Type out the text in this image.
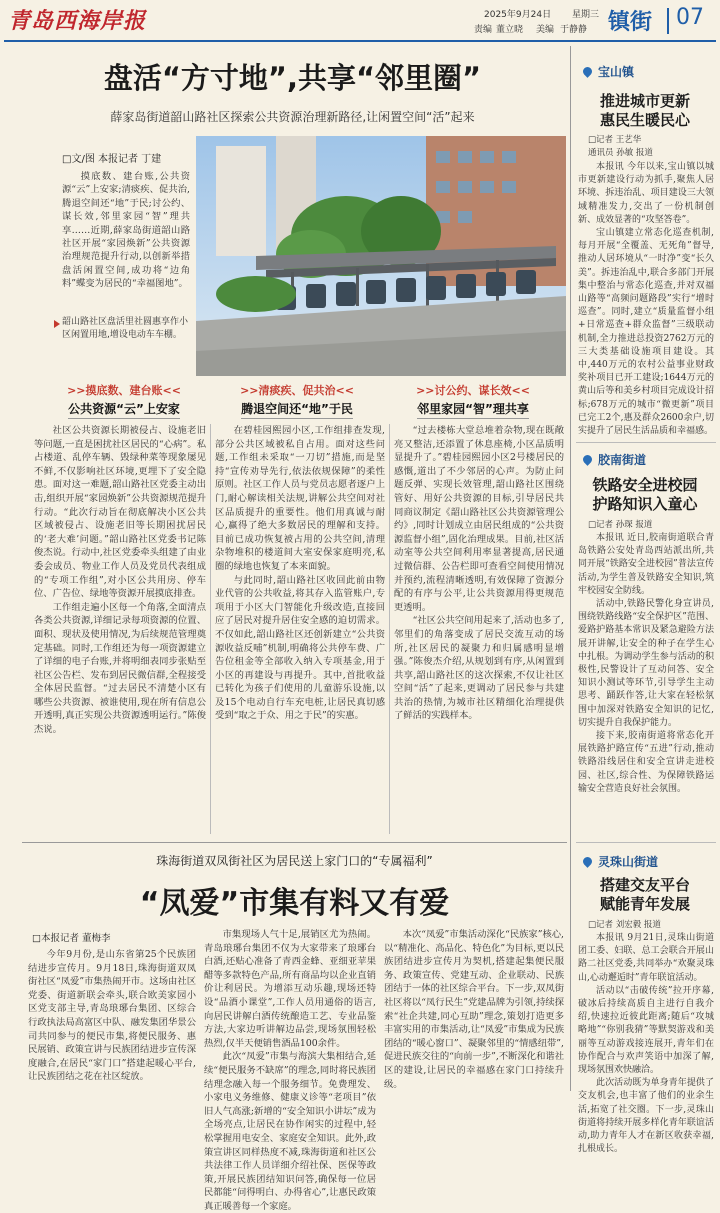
青岛西海岸报	2025年9月24日 星期三
责编 董立晓 美编 于静静 镇街 07
盘活“方寸地”,共享“邻里圈”
薛家岛街道韶山路社区探索公共资源治理新路径,让闲置空间“活”起来
□文/图 本报记者 丁建
摸底数、建台账,公共资源“云”上安家;清痰疾、促共治,腾退空间还“地”于民;讨公约、谋长效,邻里家园“智”理共享……近期,薛家岛街道韶山路社区开展“家园焕新”公共资源治理规范提升行动,以创新举措盘活闲置空间,成功将“边角料”蝶变为居民的“幸福图地”。
韶山路社区盘活里社圆惠享作小区闲置用地,增设电动车车棚。
>>摸底数、建台账<<
公共资源“云”上安家
>>清痰疾、促共治<<
腾退空间还“地”于民
>>讨公约、谋长效<<
邻里家园“智”理共享

社区公共资源长期被侵占、设施老旧等问题,一直是困扰社区居民的“心病”。私占楼道、乱停车辆、毁绿种菜等现象屡见不鲜,不仅影响社区环境,更埋下了安全隐患。面对这一难题,韶山路社区党委主动出击,组织开展“家园焕新”公共资源规范提升行动。“此次行动旨在彻底解决小区公共区域被侵占、设施老旧等长期困扰居民的‘老大难’问题。”韶山路社区党委书记陈俊杰说。行动中,社区党委牵头组建了由业委会成员、物业工作人员及党员代表组成的“专项工作组”,对小区公共用房、停车位、广告位、绿地等资源开展摸底排查。

工作组走遍小区每一个角落,全面清点各类公共资源,详细记录每项资源的位置、面积、现状及使用情况,为后续规范管理奠定基础。同时,工作组还为每一项资源建立了详细的电子台账,并将明细表同步张贴至社区公告栏、发布到居民微信群,全程接受全体居民监督。“过去居民不清楚小区有哪些公共资源、被谁使用,现在所有信息公开透明,真正实现公共资源透明运行。”陈俊杰说。

在碧桂园熙园小区,工作组排查发现,部分公共区域被私自占用。面对这些问题,工作组未采取“一刀切”措施,而是坚持“宣传劝导先行,依法依规保障”的柔性原则。社区工作人员与党员志愿者逐户上门,耐心解读相关法规,讲解公共空间对社区品质提升的重要性。他们用真诚与耐心,赢得了绝大多数居民的理解和支持。目前已成功恢复被占用的公共空间,清理杂物堆积的楼道间大室安保家庭明亮,私圈的绿地也恢复了本来面貌。

与此同时,韶山路社区收回此前由物业代管的公共收益,将其存入监管账户,专项用于小区大门智能化升级改造,直接回应了居民对提升居住安全感的迫切需求。不仅如此,韶山路社区还创新建立“公共资源收益反哺”机制,明确将公共停车费、广告位租金等全部收入纳入专项基金,用于小区的再建设与再提升。其中,首批收益已转化为孩子们使用的儿童游乐设施,以及15个电动自行车充电桩,让居民真切感受到“取之于众、用之于民”的实惠。

“过去楼栋大堂总堆着杂物,现在既敞亮又整洁,还添置了休息座椅,小区品质明显提升了。”碧桂园熙园小区2号楼居民的感慨,道出了不少邻居的心声。为防止问题反弹、实现长效管理,韶山路社区围绕管好、用好公共资源的目标,引导居民共同商议制定《韶山路社区公共资源管理公约》,同时计划成立由居民组成的“公共资源监督小组”,固化治理成果。目前,社区活动室等公共空间利用率显著提高,居民通过微信群、公告栏即可查看空间使用情况并预约,流程清晰透明,有效保障了资源分配的有序与公平,让公共资源用得更规范更透明。

“社区公共空间用起来了,活动也多了,邻里们的角落变成了居民交流互动的场所,社区居民的凝聚力和归属感明显增强。”陈俊杰介绍,从规划到有序,从闲置到共享,韶山路社区的这次探索,不仅让社区空间“活”了起来,更调动了居民参与共建共治的热情,为城市社区精细化治理提供了鲜活的实践样本。

珠海街道双凤街社区为居民送上家门口的“专属福利”
“凤爱”市集有料又有爱
□本报记者 董梅李

今年9月份,是山东省第25个民族团结进步宣传月。9月18日,珠海街道双凤街社区“凤爱”市集热闹开市。这场由社区党委、街道新联会牵头,联合欧美家园小区党支部主导,青岛琅琊台集团、区综合行政执法局高富区中队、融发集团华景公司共同参与的便民市集,将便民服务、惠民展销、政策宣讲与民族团结进步宣传深度融合,在居民“家门口”搭建起暖心平台,让民族团结之花在社区绽放。

市集现场人气十足,展销区尤为热闹。青岛琅琊台集团不仅为大家带来了琅琊台白酒,还贴心准备了青西金蜂、亚细亚苹果醋等多款特色产品,所有商品均以企业直销价让利居民。为增添互动乐趣,现场还特设“品酒小课堂”,工作人员用通俗的语言,向居民讲解白酒传统酿造工艺、专业品鉴方法,大家边听讲解边品尝,现场氛围轻松热烈,仅半天便销售酒品100余件。

此次“凤爱”市集与海滨大集相结合,延续“便民服务不缺席”的理念,同时将民族团结理念融入每一个服务细节。免费理发、小家电义务维修、健康义诊等“老项目”依旧人气高涨;新增的“安全知识小讲坛”成为全场亮点,让居民在协作闲实的过程中,轻松掌握用电安全、家庭安全知识。此外,政策宣讲区同样热度不减,珠海街道和社区公共法律工作人员详细介绍社保、医保等政策,开展民族团结知识问答,确保每一位居民都能“问得明白、办得省心”,让惠民政策真正暖善每一个家庭。

本次“凤爱”市集活动深化“民族家”核心,以“精准化、高品化、特色化”为目标,更以民族团结进步宣传月为契机,搭建起集便民服务、政策宣传、党建互动、企业联动、民族团结于一体的社区综合平台。下一步,双凤街社区将以“凤行民生”党建品牌为引领,持续探索“社企共建,同心互助”理念,策划打造更多丰富实用的市集活动,让“凤爱”市集成为民族团结的“暖心窗口”、凝聚邻里的“情感纽带”,促进民族交往的“向前一步”,不断深化和谐社区的建设,让居民的幸福感在家门口持续升级。

宝山镇
推进城市更新
惠民生暖民心
□记者 王艺华
通讯员 孙敏 报道

本报讯 今年以来,宝山镇以城市更新建设行动为抓手,聚焦人居环境、拆违治乱、项目建设三大领域精准发力,交出了一份机制创新、成效显著的“攻坚答卷”。

宝山镇建立常态化巡查机制,每月开展“全覆盖、无死角”督导,推动人居环境从“一时净”变“长久美”。拆违治乱中,联合多部门开展集中整治与常态化巡查,并对双福山路等“高频问题路段”实行“增时巡查”。同时,建立“质量监督小组+日常巡查+群众监督”三级联动机制,全力推进总投资2762万元的三大类基础设施项目建设。其中,440万元的农村公益事业财政奖补项目已开工建设;1644万元的黄山后等和美乡村项目完成设计招标;678万元的城市“微更新”项目已完工2个,惠及群众2600余户,切实提升了居民生活品质和幸福感。

胶南街道
铁路安全进校园
护路知识入童心
□记者 孙琛 报道

本报讯 近日,胶南街道联合青岛铁路公安处青岛西站派出所,共同开展“铁路安全进校园”普法宣传活动,为学生普及铁路安全知识,筑牢校园安全防线。

活动中,铁路民警化身宣讲员,围绕铁路线路“安全保护区”范围、爱路护路基本常识及紧急避险方法展开讲解,让安全的种子在学生心中扎根。为调动学生参与活动的积极性,民警设计了互动问答、安全知识小测试等环节,引导学生主动思考、踊跃作答,让大家在轻松氛围中加深对铁路安全知识的记忆,切实提升自我保护能力。

接下来,胶南街道将常态化开展铁路护路宣传“五进”行动,推动铁路沿线居住和安全宣讲走进校园、社区,综合性、为保障铁路运输安全营造良好社会氛围。

灵珠山街道
搭建交友平台
赋能青年发展
□记者 刘宏毅 报道

本报讯 9月21日,灵珠山街道团工委、妇联、总工会联合开展山路二社区党委,共同举办“欢聚灵珠山,心动邂逅时”青年联谊活动。

活动以“击破传统”拉开序幕,破冰后持续高质自主进行自我介绍,快速拉近彼此距离;随后“攻城略地”“你别我猜”等默契游戏和美丽等互动游戏接连展开,青年们在协作配合与欢声笑语中加深了解,现场氛围欢快融洽。

此次活动既为单身青年提供了交友机会,也丰富了他们的业余生活,拓宽了社交圈。下一步,灵珠山街道将持续开展多样化青年联谊活动,助力青年人才在新区收获幸福,扎根成长。
